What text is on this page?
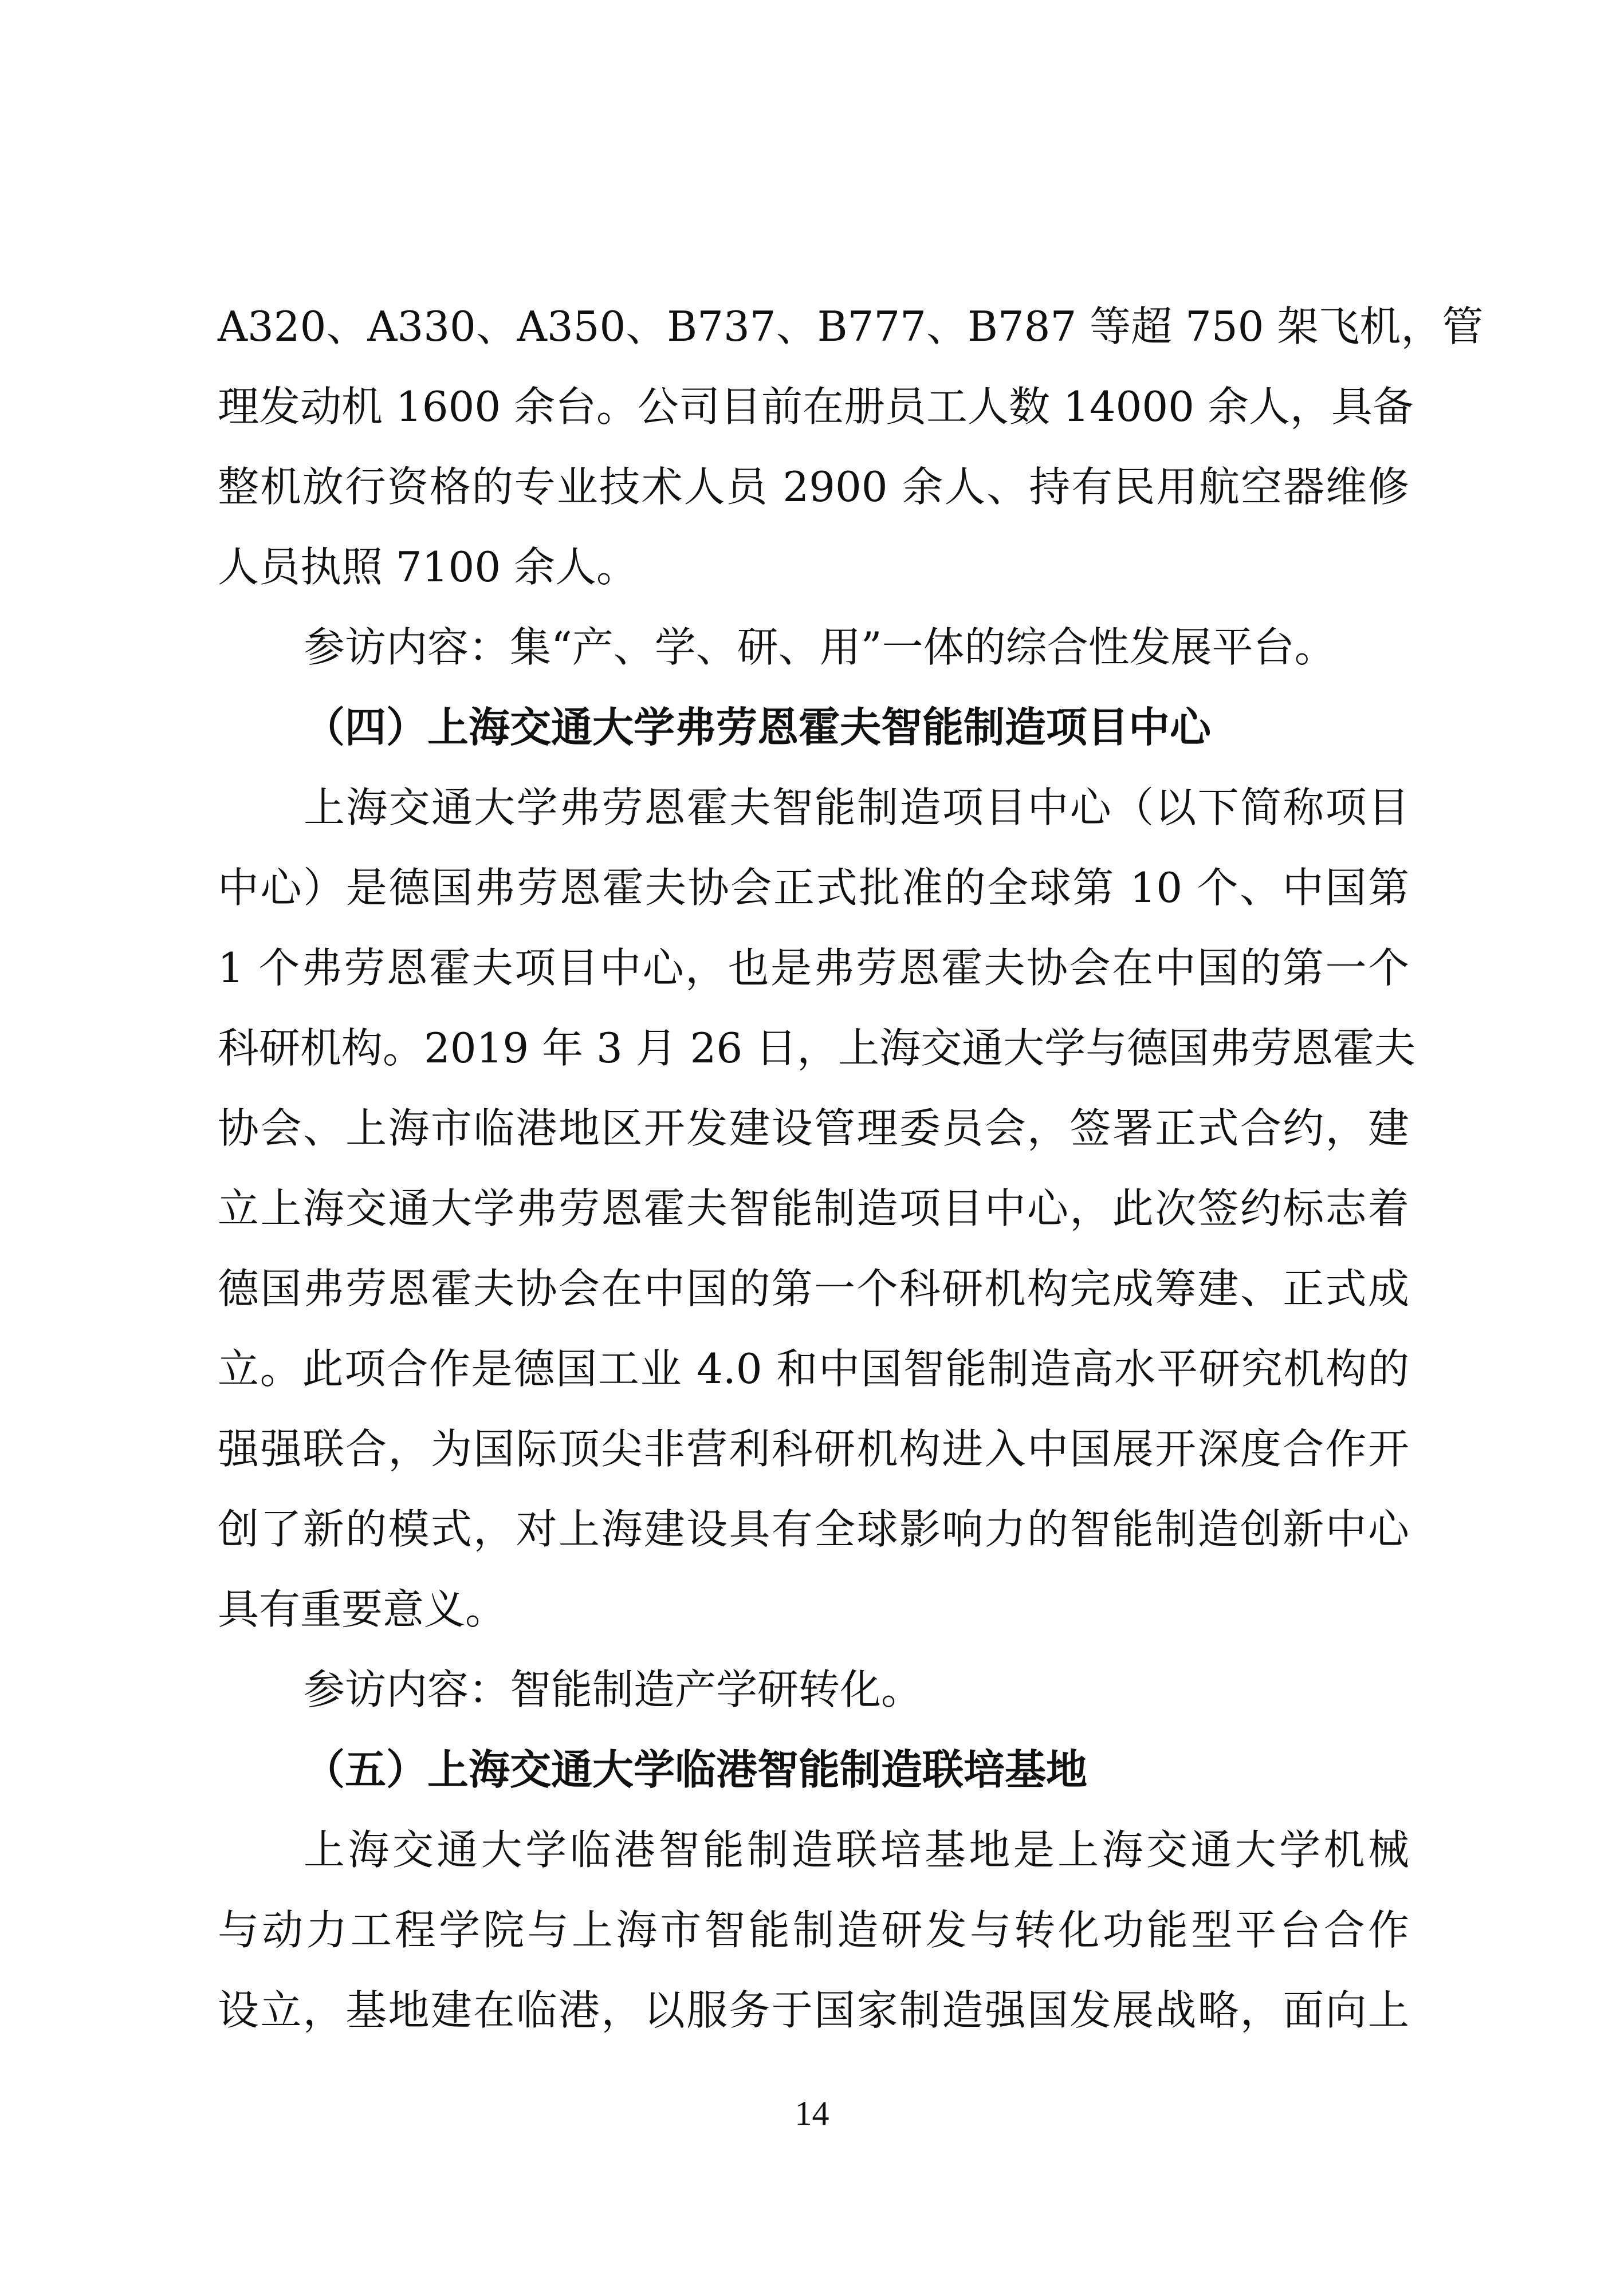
A320、A330、A350、B737、B777、B787 等超 750 架飞机，管
理发动机 1600 余台。公司目前在册员工人数 14000 余人，具备
整机放行资格的专业技术人员 2900 余人、持有民用航空器维修
人员执照 7100 余人。
参访内容：集“产、学、研、用”一体的综合性发展平台。
（四）上海交通大学弗劳恩霍夫智能制造项目中心
上海交通大学弗劳恩霍夫智能制造项目中心（以下简称项目
中心）是德国弗劳恩霍夫协会正式批准的全球第 10 个、中国第
1 个弗劳恩霍夫项目中心，也是弗劳恩霍夫协会在中国的第一个
科研机构。2019 年 3 月 26 日，上海交通大学与德国弗劳恩霍夫
协会、上海市临港地区开发建设管理委员会，签署正式合约，建
立上海交通大学弗劳恩霍夫智能制造项目中心，此次签约标志着
德国弗劳恩霍夫协会在中国的第一个科研机构完成筹建、正式成
立。此项合作是德国工业 4.0 和中国智能制造高水平研究机构的
强强联合，为国际顶尖非营利科研机构进入中国展开深度合作开
创了新的模式，对上海建设具有全球影响力的智能制造创新中心
具有重要意义。
参访内容：智能制造产学研转化。
（五）上海交通大学临港智能制造联培基地
上海交通大学临港智能制造联培基地是上海交通大学机械
与动力工程学院与上海市智能制造研发与转化功能型平台合作
设立，基地建在临港，以服务于国家制造强国发展战略，面向上
14
